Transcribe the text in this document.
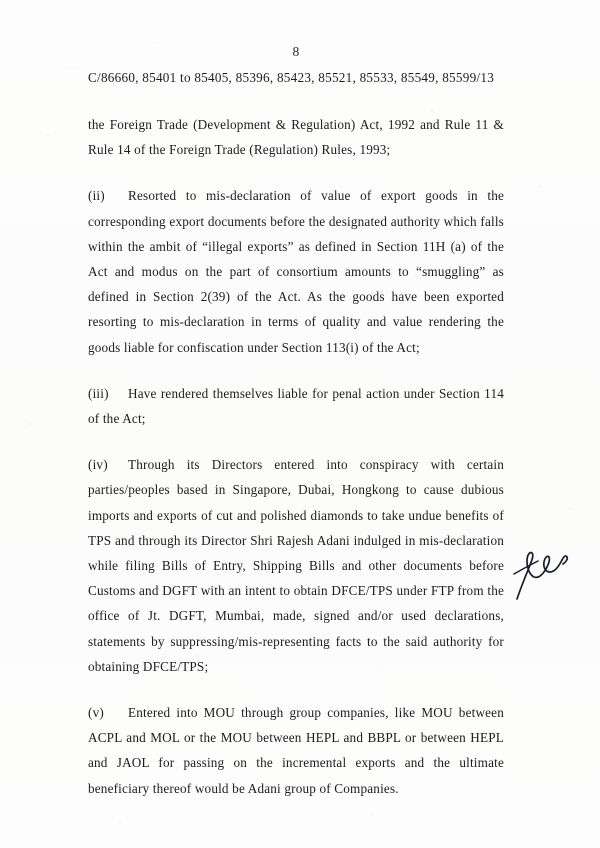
8
C/86660, 85401 to 85405, 85396, 85423, 85521, 85533, 85549, 85599/13

the Foreign Trade (Development & Regulation) Act, 1992 and Rule 11 & Rule 14 of the Foreign Trade (Regulation) Rules, 1993;

(ii) Resorted to mis-declaration of value of export goods in the corresponding export documents before the designated authority which falls within the ambit of “illegal exports” as defined in Section 11H (a) of the Act and modus on the part of consortium amounts to “smuggling” as defined in Section 2(39) of the Act. As the goods have been exported resorting to mis-declaration in terms of quality and value rendering the goods liable for confiscation under Section 113(i) of the Act;

(iii) Have rendered themselves liable for penal action under Section 114 of the Act;

(iv) Through its Directors entered into conspiracy with certain parties/peoples based in Singapore, Dubai, Hongkong to cause dubious imports and exports of cut and polished diamonds to take undue benefits of TPS and through its Director Shri Rajesh Adani indulged in mis-declaration while filing Bills of Entry, Shipping Bills and other documents before Customs and DGFT with an intent to obtain DFCE/TPS under FTP from the office of Jt. DGFT, Mumbai, made, signed and/or used declarations, statements by suppressing/mis-representing facts to the said authority for obtaining DFCE/TPS;

(v) Entered into MOU through group companies, like MOU between ACPL and MOL or the MOU between HEPL and BBPL or between HEPL and JAOL for passing on the incremental exports and the ultimate beneficiary thereof would be Adani group of Companies.
